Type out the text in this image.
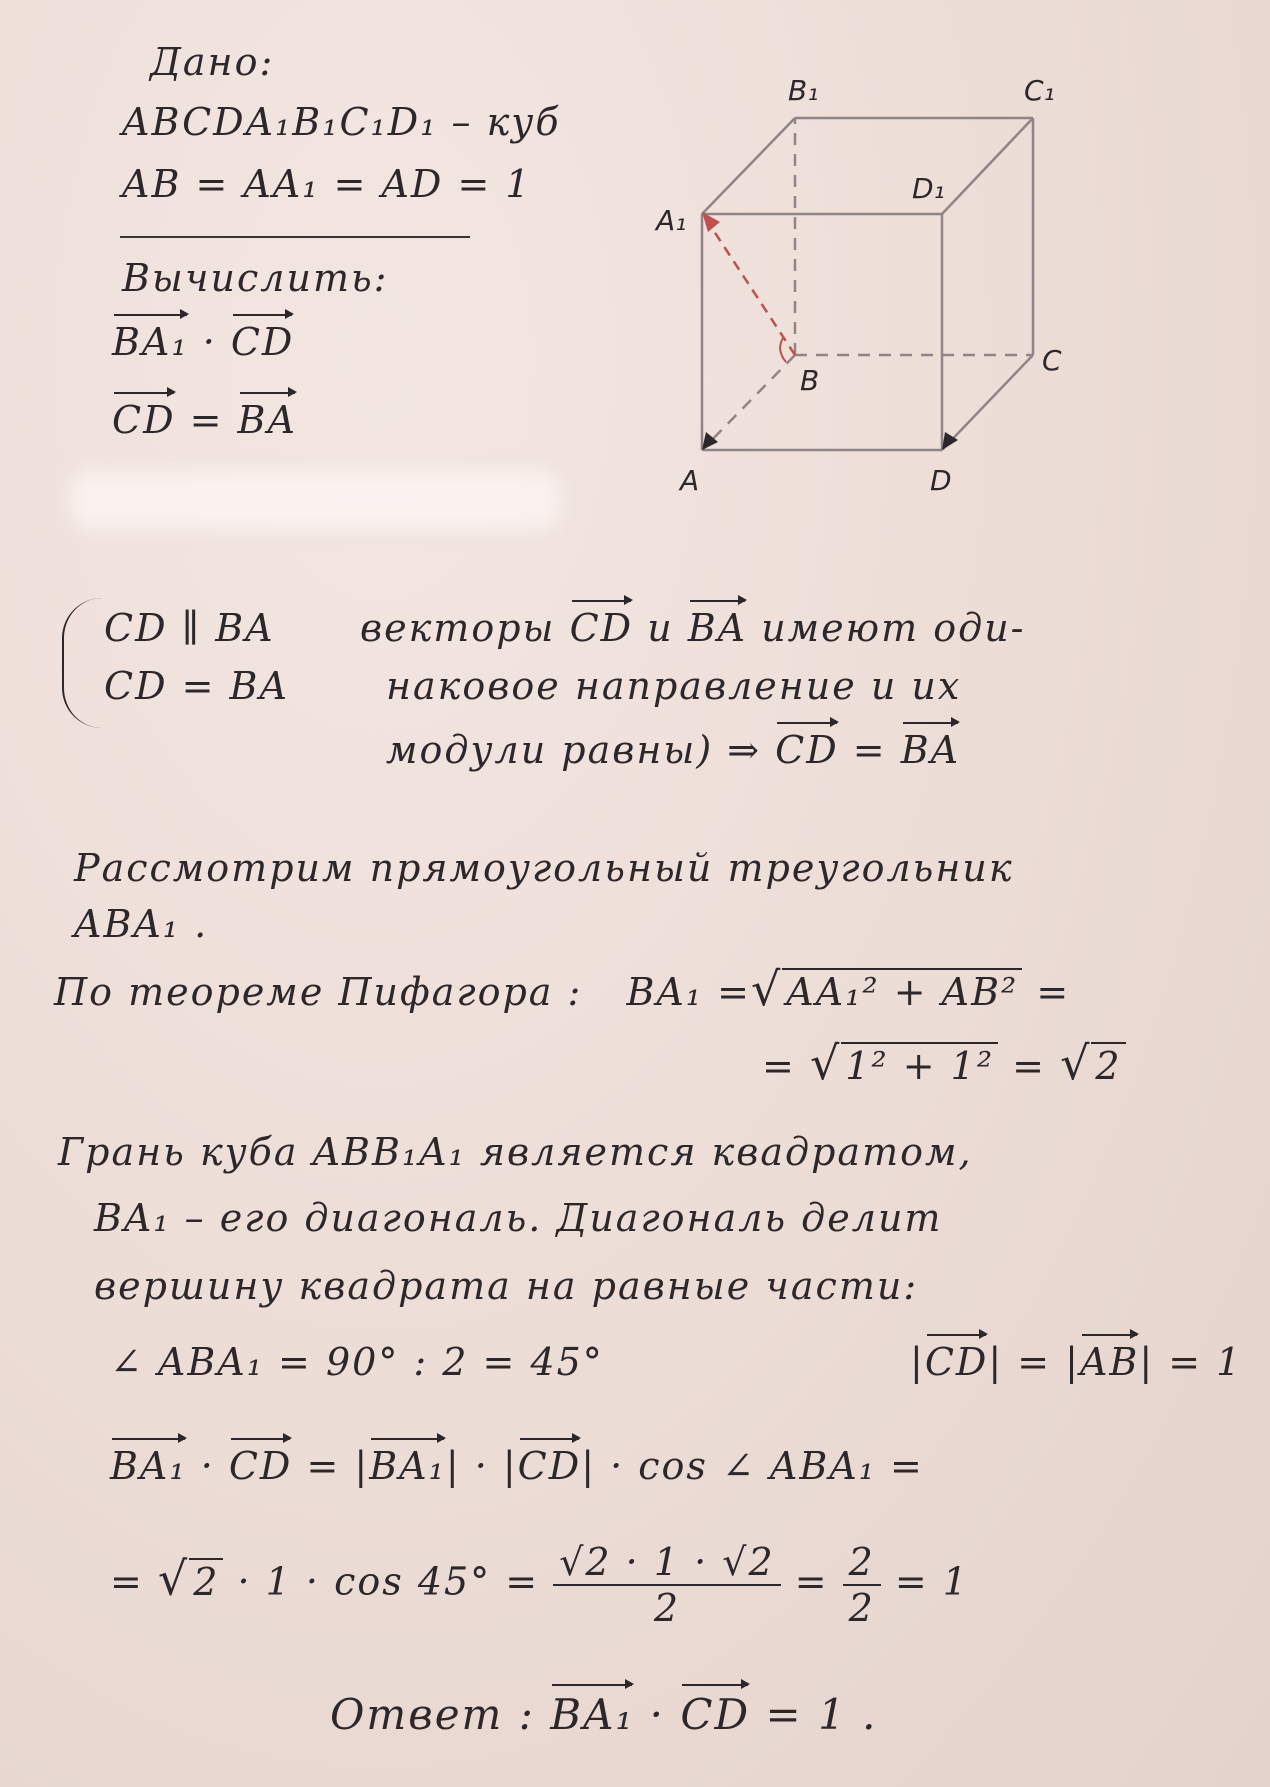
Дано:
ABCDA₁B₁C₁D₁ – куб
AB = AA₁ = AD = 1
Вычислить:
BA₁ · CD
CD = BA
B₁	C₁
D₁
A₁
B
C
A	D
CD ∥ BA
CD = BA
векторы CD и BA имеют оди-
наковое направление и их
модули равны) ⇒ CD = BA
Рассмотрим прямоугольный треугольник
ABA₁ .
По теореме Пифагора : BA₁ =√ AA₁² + AB² =
= √ 1² + 1² = √ 2
Грань куба ABB₁A₁ является квадратом,
BA₁ – его диагональ. Диагональ делит
вершину квадрата на равные части:
∠ ABA₁ = 90° : 2 = 45°	|CD| = |AB| = 1
BA₁ · CD = |BA₁| · |CD| · cos ∠ ABA₁ =
= √ $2 \cdot 1 \cdot \cos 45^\circ = \frac{√2 \cdot 1 \cdot √2}{2} = \frac{2}{2} = 1$
Ответ : BA₁ · CD = 1 .
